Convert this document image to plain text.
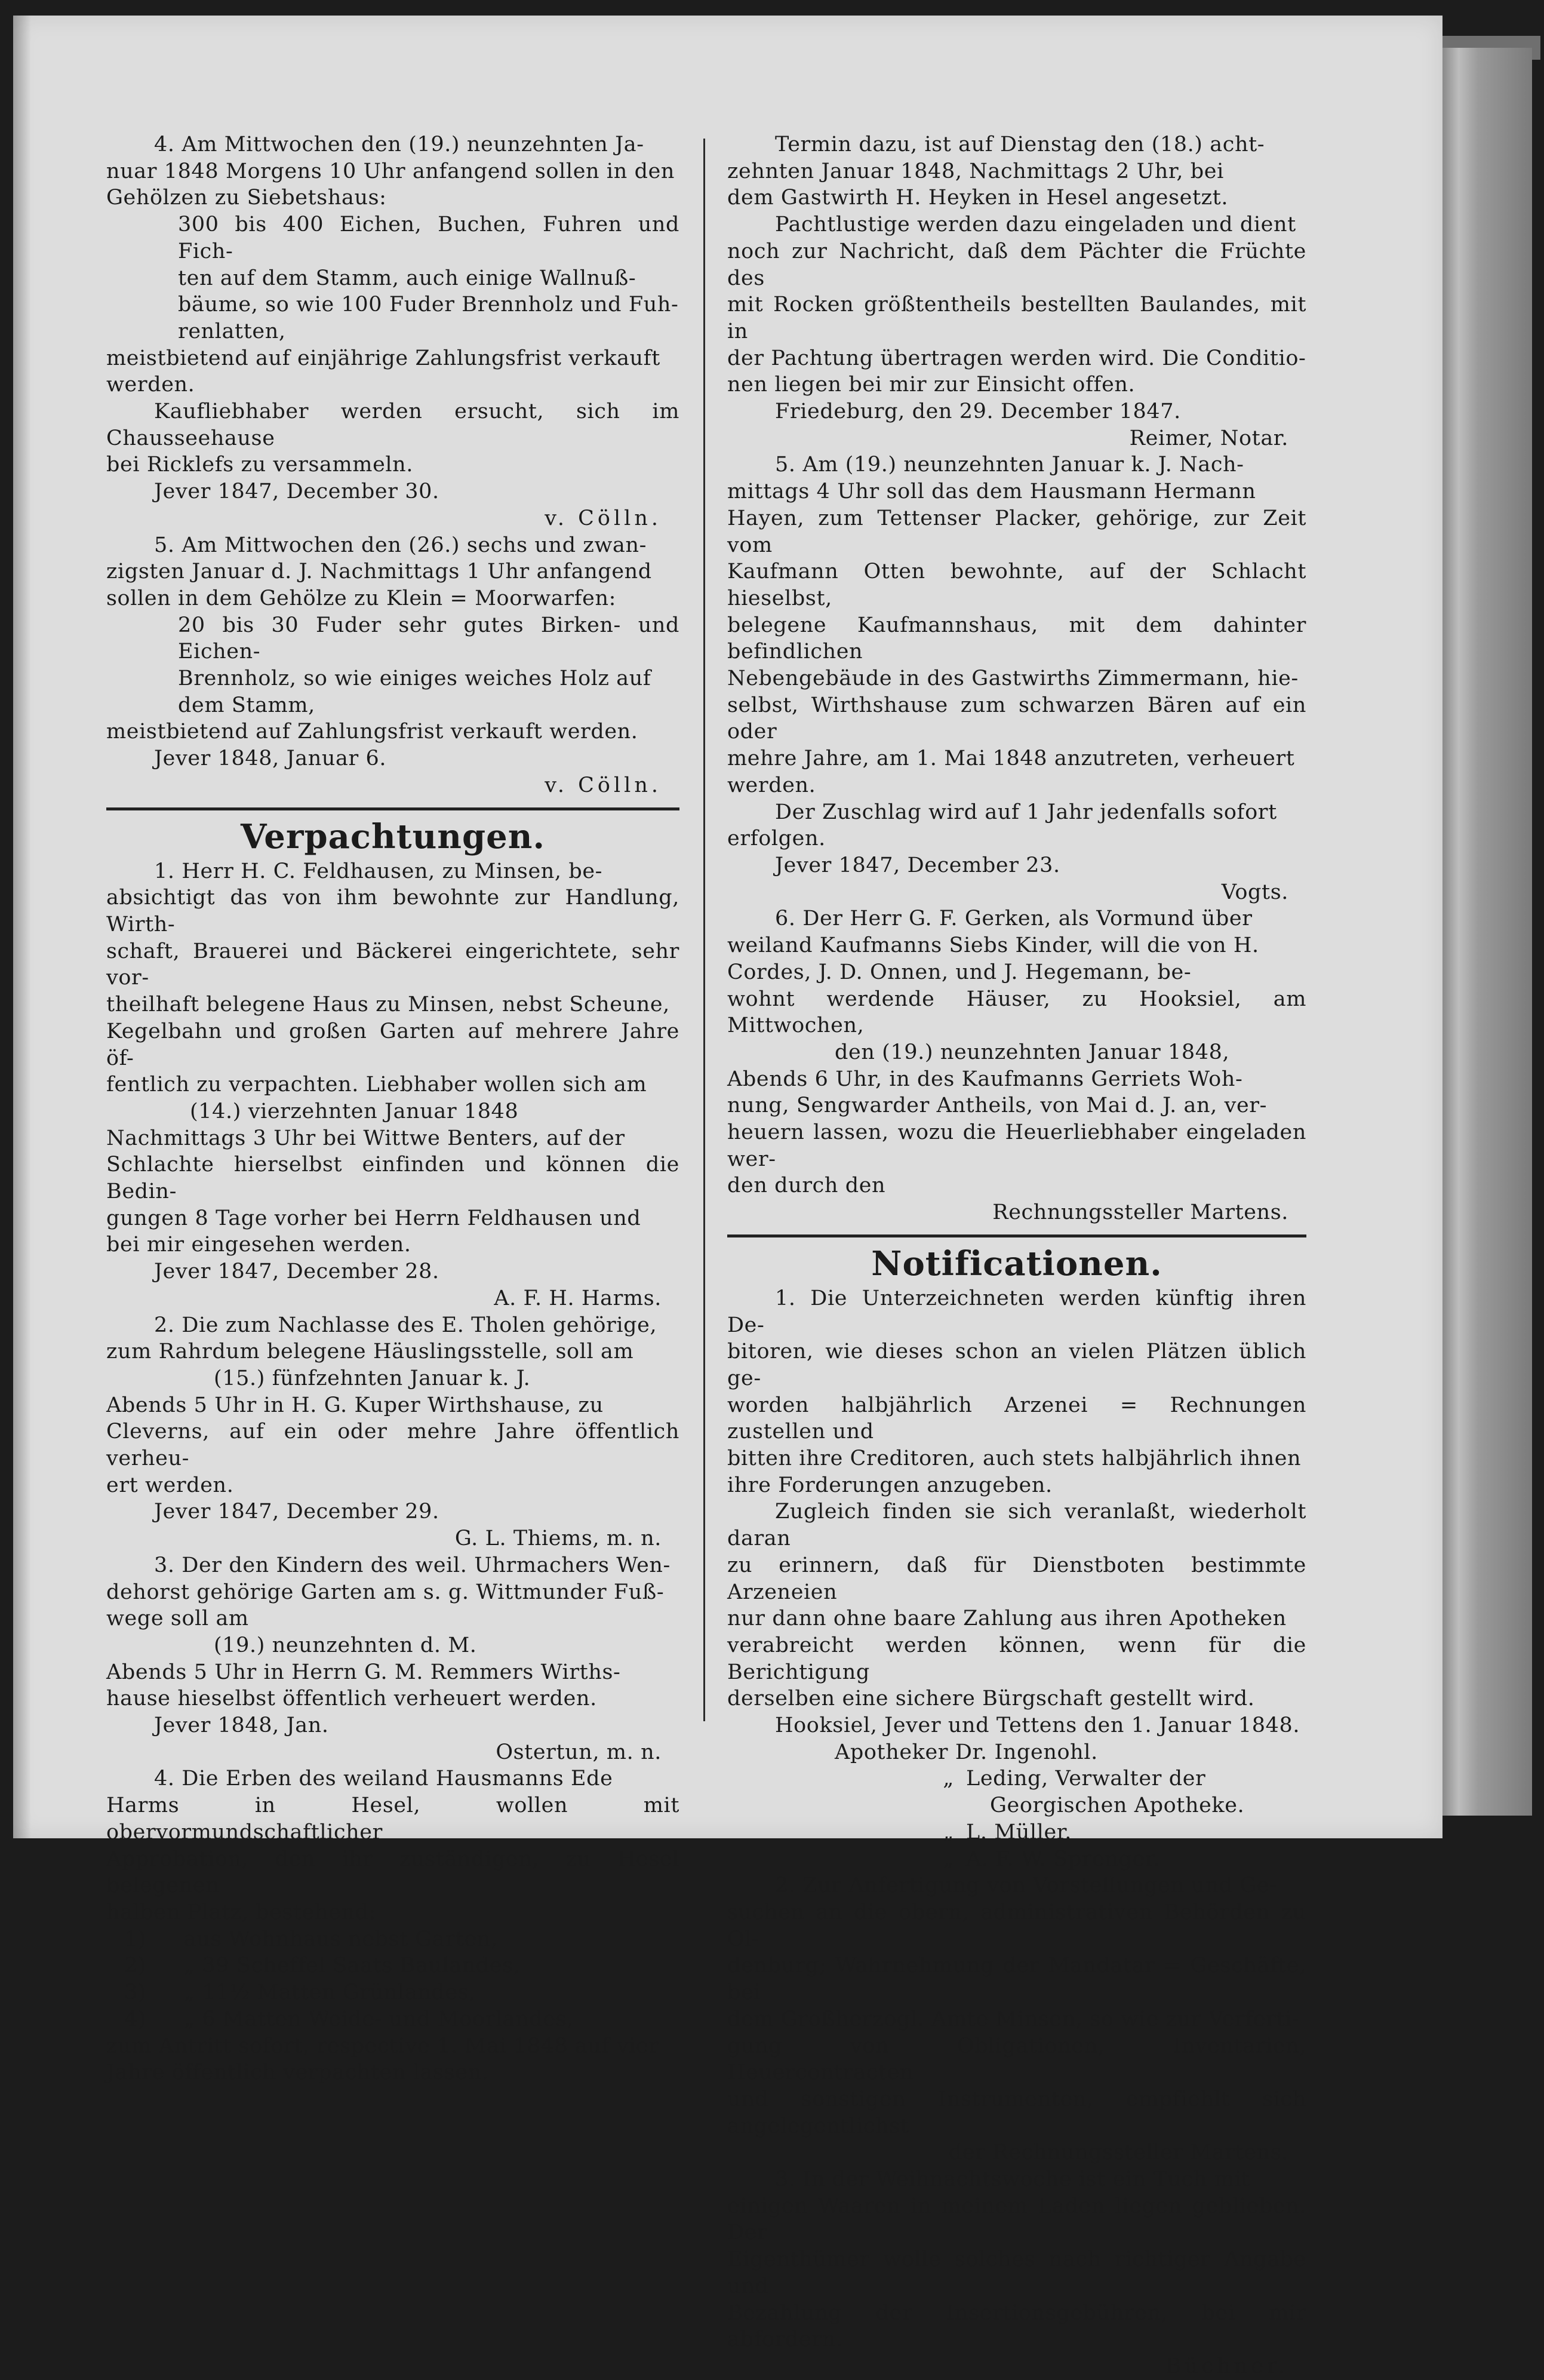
4. Am Mittwochen den (19.) neunzehnten Ja-

nuar 1848 Morgens 10 Uhr anfangend sollen in den

Gehölzen zu Siebetshaus:

300 bis 400 Eichen, Buchen, Fuhren und Fich-

ten auf dem Stamm, auch einige Wallnuß-

bäume, so wie 100 Fuder Brennholz und Fuh-

renlatten,

meistbietend auf einjährige Zahlungsfrist verkauft

werden.

Kaufliebhaber werden ersucht, sich im Chausseehause

bei Ricklefs zu versammeln.

Jever 1847, December 30.

v. Cölln.

5. Am Mittwochen den (26.) sechs und zwan-

zigsten Januar d. J. Nachmittags 1 Uhr anfangend

sollen in dem Gehölze zu Klein = Moorwarfen:

20 bis 30 Fuder sehr gutes Birken- und Eichen-

Brennholz, so wie einiges weiches Holz auf

dem Stamm,

meistbietend auf Zahlungsfrist verkauft werden.

Jever 1848, Januar 6.

v. Cölln.

Verpachtungen.

1. Herr H. C. Feldhausen, zu Minsen, be-

absichtigt das von ihm bewohnte zur Handlung, Wirth-

schaft, Brauerei und Bäckerei eingerichtete, sehr vor-

theilhaft belegene Haus zu Minsen, nebst Scheune,

Kegelbahn und großen Garten auf mehrere Jahre öf-

fentlich zu verpachten. Liebhaber wollen sich am

(14.) vierzehnten Januar 1848

Nachmittags 3 Uhr bei Wittwe Benters, auf der

Schlachte hierselbst einfinden und können die Bedin-

gungen 8 Tage vorher bei Herrn Feldhausen und

bei mir eingesehen werden.

Jever 1847, December 28.

A. F. H. Harms.

2. Die zum Nachlasse des E. Tholen gehörige,

zum Rahrdum belegene Häuslingsstelle, soll am

(15.) fünfzehnten Januar k. J.

Abends 5 Uhr in H. G. Kuper Wirthshause, zu

Cleverns, auf ein oder mehre Jahre öffentlich verheu-

ert werden.

Jever 1847, December 29.

G. L. Thiems, m. n.

3. Der den Kindern des weil. Uhrmachers Wen-

dehorst gehörige Garten am s. g. Wittmunder Fuß-

wege soll am

(19.) neunzehnten d. M.

Abends 5 Uhr in Herrn G. M. Remmers Wirths-

hause hieselbst öffentlich verheuert werden.

Jever 1848, Jan.

Ostertun, m. n.

4. Die Erben des weiland Hausmanns Ede

Harms in Hesel, wollen mit obervormundschaftlicher

Approbation, den ihr zuständigen, zu Hesel belegenen

halben Platz, bestehend:

1)	aus Wohnhaus nebst Garten,
2)	„ 39 Scheffel Saats Baulandes,
3)	„ 11½ Matten Grünlandes,
4)	„ 6 Matten Weide- und Moorlandes,

zum Antritt sofort, respective 1. Mai 1848 auf vier

Jahre öffentlich verpachten lassen.

Termin dazu, ist auf Dienstag den (18.) acht-

zehnten Januar 1848, Nachmittags 2 Uhr, bei

dem Gastwirth H. Heyken in Hesel angesetzt.

Pachtlustige werden dazu eingeladen und dient

noch zur Nachricht, daß dem Pächter die Früchte des

mit Rocken größtentheils bestellten Baulandes, mit in

der Pachtung übertragen werden wird. Die Conditio-

nen liegen bei mir zur Einsicht offen.

Friedeburg, den 29. December 1847.

Reimer, Notar.

5. Am (19.) neunzehnten Januar k. J. Nach-

mittags 4 Uhr soll das dem Hausmann Hermann

Hayen, zum Tettenser Placker, gehörige, zur Zeit vom

Kaufmann Otten bewohnte, auf der Schlacht hieselbst,

belegene Kaufmannshaus, mit dem dahinter befindlichen

Nebengebäude in des Gastwirths Zimmermann, hie-

selbst, Wirthshause zum schwarzen Bären auf ein oder

mehre Jahre, am 1. Mai 1848 anzutreten, verheuert

werden.

Der Zuschlag wird auf 1 Jahr jedenfalls sofort

erfolgen.

Jever 1847, December 23.

Vogts.

6. Der Herr G. F. Gerken, als Vormund über

weiland Kaufmanns Siebs Kinder, will die von H.

Cordes, J. D. Onnen, und J. Hegemann, be-

wohnt werdende Häuser, zu Hooksiel, am Mittwochen,

den (19.) neunzehnten Januar 1848,

Abends 6 Uhr, in des Kaufmanns Gerriets Woh-

nung, Sengwarder Antheils, von Mai d. J. an, ver-

heuern lassen, wozu die Heuerliebhaber eingeladen wer-

den durch den

Rechnungssteller Martens.

Notificationen.

1. Die Unterzeichneten werden künftig ihren De-

bitoren, wie dieses schon an vielen Plätzen üblich ge-

worden halbjährlich Arzenei = Rechnungen zustellen und

bitten ihre Creditoren, auch stets halbjährlich ihnen

ihre Forderungen anzugeben.

Zugleich finden sie sich veranlaßt, wiederholt daran

zu erinnern, daß für Dienstboten bestimmte Arzeneien

nur dann ohne baare Zahlung aus ihren Apotheken

verabreicht werden können, wenn für die Berichtigung

derselben eine sichere Bürgschaft gestellt wird.

Hooksiel, Jever und Tettens den 1. Januar 1848.

Apotheker Dr. Ingenohl.

„ Leding, Verwalter der
Georgischen Apotheke.
„ L. Müller.
„ A. F. W. Sprenger.

2. Zur Anfertigung von Vorstellungen und Ge-

suchen an die obern, administrativen Behörden zu Ol-

denburg; Wahrnehmung der Mandatar = Geschäfte, bei

dem Großherzogl. Amte Minsen, so wie zur Verferti-

gung von Obligationen, Inventarien, Heuercontracten

und sonstigen Instrumenten, empfiehlt sich angelegentlichst

der Rechnungssteller Martens.

3. In der Weihnachtswoche ist ein Tuch mit

einigen Waaren in meinem Laden liegen geblieben. Der

Eigenthümer wolle solches nach richtiger Angabe und

Bezahlung der Insertionsgebühren, bei mir abfordern.

Büchner.
